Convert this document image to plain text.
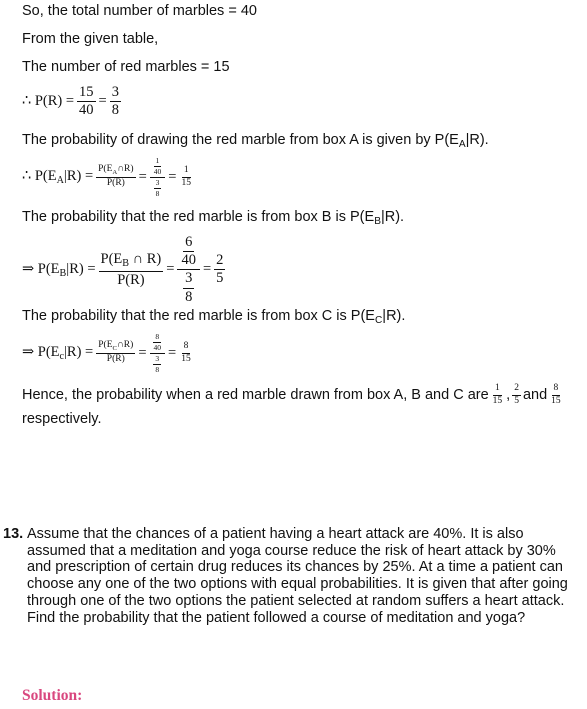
So, the total number of marbles = 40
From the given table,
The number of red marbles = 15
∴ $P(R) = \frac{15}{40} = \frac{3}{8}$
The probability of drawing the red marble from box A is given by $P(E_A|R)$.
∴ $P(E_A|R) = \frac{P(E_A\cap R)}{P(R)} = \frac{\frac{1}{40}}{\frac{3}{8}} = \frac{1}{15}$
The probability that the red marble is from box B is $P(E_B|R)$.
⇒ $P(E_B|R) = \frac{P(E_B \cap R)}{P(R)} = \frac{\frac{6}{40}}{\frac{3}{8}} = \frac{2}{5}$
The probability that the red marble is from box C is $P(E_C|R)$.
⇒ $P(E_c|R) = \frac{P(E_C\cap R)}{P(R)} = \frac{\frac{8}{40}}{\frac{3}{8}} = \frac{8}{15}$
Hence, the probability when a red marble drawn from box A, B and C are $\frac{1}{15}$ , $\frac{2}{5}$ and $\frac{8}{15}$
respectively.
13. Assume that the chances of a patient having a heart attack are 40%. It is also assumed that a meditation and yoga course reduce the risk of heart attack by 30% and prescription of certain drug reduces its chances by 25%. At a time a patient can choose any one of the two options with equal probabilities. It is given that after going through one of the two options the patient selected at random suffers a heart attack. Find the probability that the patient followed a course of meditation and yoga?
Solution:
